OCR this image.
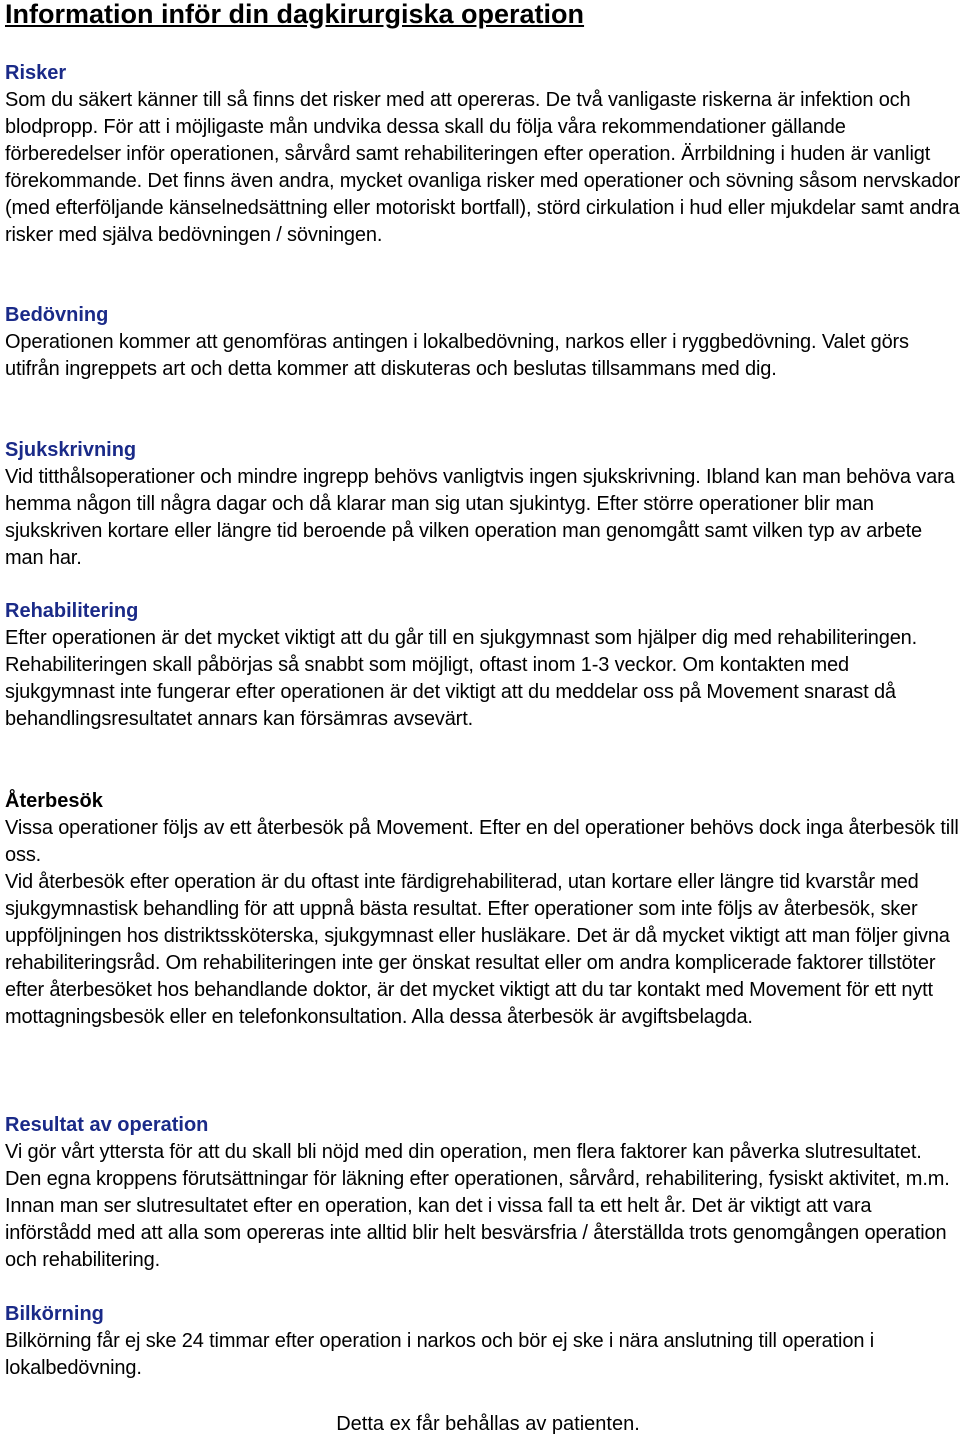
Information inför din dagkirurgiska operation
Risker

Som du säkert känner till så finns det risker med att opereras. De två vanligaste riskerna är infektion och blodpropp. För att i möjligaste mån undvika dessa skall du följa våra rekommendationer gällande förberedelser inför operationen, sårvård samt rehabiliteringen efter operation. Ärrbildning i huden är vanligt förekommande. Det finns även andra, mycket ovanliga risker med operationer och sövning såsom nervskador (med efterföljande känselnedsättning eller motoriskt bortfall), störd cirkulation i hud eller mjukdelar samt andra risker med själva bedövningen / sövningen.

Bedövning

Operationen kommer att genomföras antingen i lokalbedövning, narkos eller i ryggbedövning. Valet görs utifrån ingreppets art och detta kommer att diskuteras och beslutas tillsammans med dig.

Sjukskrivning

Vid titthålsoperationer och mindre ingrepp behövs vanligtvis ingen sjukskrivning. Ibland kan man behöva vara hemma någon till några dagar och då klarar man sig utan sjukintyg. Efter större operationer blir man sjukskriven kortare eller längre tid beroende på vilken operation man genomgått samt vilken typ av arbete man har.

Rehabilitering

Efter operationen är det mycket viktigt att du går till en sjukgymnast som hjälper dig med rehabiliteringen. Rehabiliteringen skall påbörjas så snabbt som möjligt, oftast inom 1-3 veckor. Om kontakten med sjukgymnast inte fungerar efter operationen är det viktigt att du meddelar oss på Movement snarast då behandlingsresultatet annars kan försämras avsevärt.

Återbesök

Vissa operationer följs av ett återbesök på Movement. Efter en del operationer behövs dock inga återbesök till oss.

Vid återbesök efter operation är du oftast inte färdigrehabiliterad, utan kortare eller längre tid kvarstår med sjukgymnastisk behandling för att uppnå bästa resultat. Efter operationer som inte följs av återbesök, sker uppföljningen hos distriktssköterska, sjukgymnast eller husläkare. Det är då mycket viktigt att man följer givna rehabiliteringsråd. Om rehabiliteringen inte ger önskat resultat eller om andra komplicerade faktorer tillstöter efter återbesöket hos behandlande doktor, är det mycket viktigt att du tar kontakt med Movement för ett nytt mottagningsbesök eller en telefonkonsultation. Alla dessa återbesök är avgiftsbelagda.

Resultat av operation

Vi gör vårt yttersta för att du skall bli nöjd med din operation, men flera faktorer kan påverka slutresultatet. Den egna kroppens förutsättningar för läkning efter operationen, sårvård, rehabilitering, fysiskt aktivitet, m.m. Innan man ser slutresultatet efter en operation, kan det i vissa fall ta ett helt år. Det är viktigt att vara införstådd med att alla som opereras inte alltid blir helt besvärsfria / återställda trots genomgången operation och rehabilitering.

Bilkörning

Bilkörning får ej ske 24 timmar efter operation i narkos och bör ej ske i nära anslutning till operation i lokalbedövning.

Detta ex får behållas av patienten.
